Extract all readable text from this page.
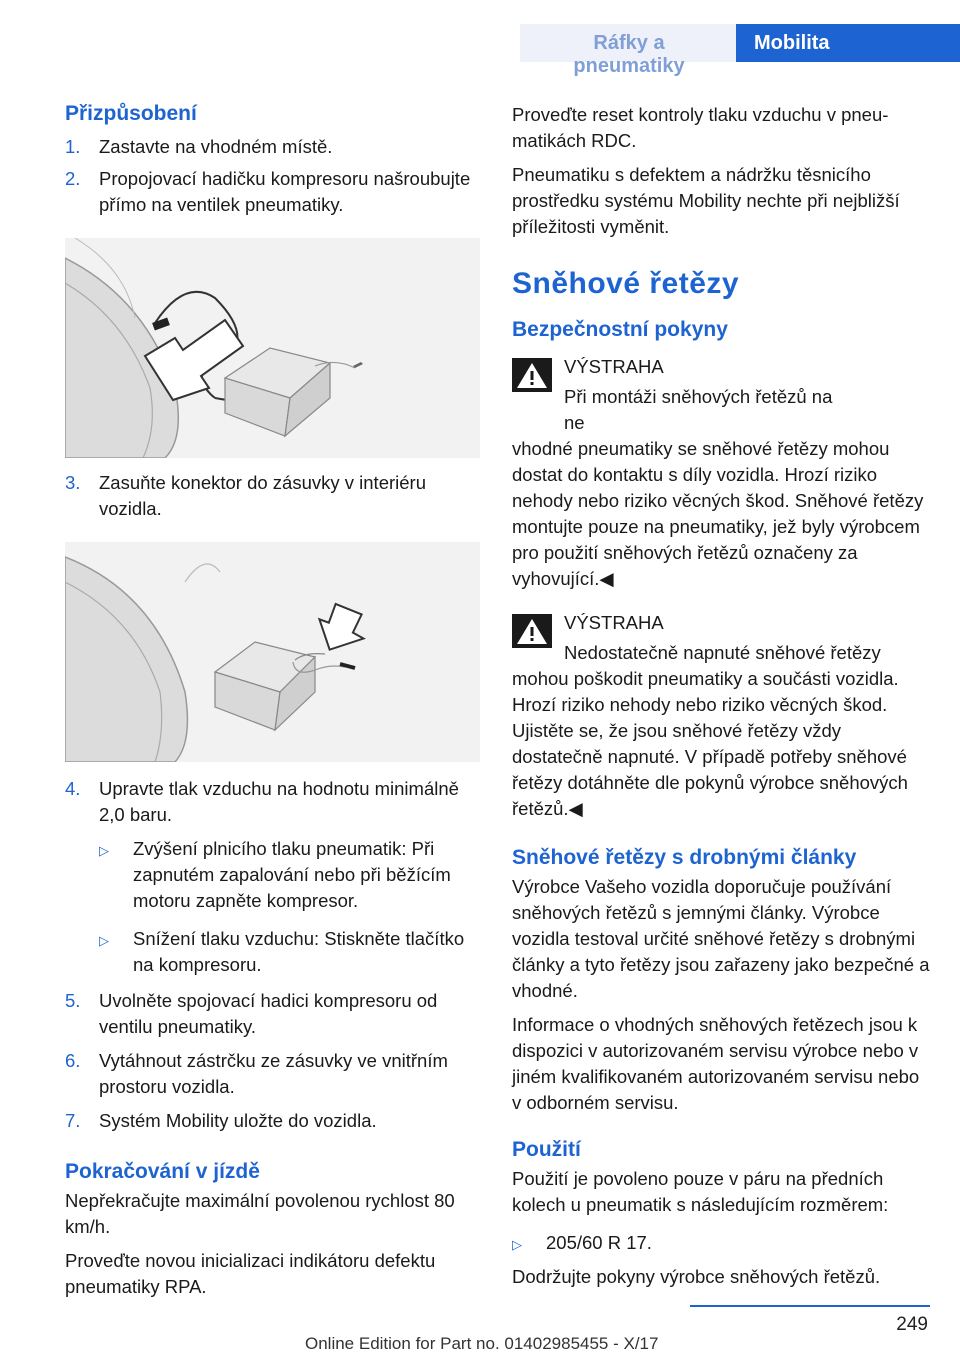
Ráfky a pneumatiky
Mobilita
Přizpůsobení
1.	Zastavte na vhodném místě.
2.	Propojovací hadičku kompresoru našroubujte přímo na ventilek pneumatiky.
3.	Zasuňte konektor do zásuvky v interiéru vozidla.
4.	Upravte tlak vzduchu na hodnotu minimálně 2,0 baru.
▷	Zvýšení plnicího tlaku pneumatik: Při zapnutém zapalování nebo při běžícím motoru zapněte kompresor.
▷	Snížení tlaku vzduchu: Stiskněte tlačítko na kompresoru.
5.	Uvolněte spojovací hadici kompresoru od ventilu pneumatiky.
6.	Vytáhnout zástrčku ze zásuvky ve vnitřním prostoru vozidla.
7.	Systém Mobility uložte do vozidla.
Pokračování v jízdě

Nepřekračujte maximální povolenou rychlost 80 km/h.

Proveďte novou inicializaci indikátoru defektu pneumatiky RPA.

Proveďte reset kontroly tlaku vzduchu v pneumatikách RDC.

Pneumatiku s defektem a nádržku těsnicího prostředku systému Mobility nechte při nejbližší příležitosti vyměnit.

Sněhové řetězy
Bezpečnostní pokyny
VÝSTRAHA
Při montáži sněhových řetězů na ne
vhodné pneumatiky se sněhové řetězy mohou dostat do kontaktu s díly vozidla. Hrozí riziko nehody nebo riziko věcných škod. Sněhové řetězy montujte pouze na pneumatiky, jež byly výrobcem pro použití sněhových řetězů označeny za vyhovující.◀
VÝSTRAHA
Nedostatečně napnuté sněhové řetězy
mohou poškodit pneumatiky a součásti vozidla. Hrozí riziko nehody nebo riziko věcných škod. Ujistěte se, že jsou sněhové řetězy vždy dostatečně napnuté. V případě potřeby sněhové řetězy dotáhněte dle pokynů výrobce sněhových řetězů.◀
Sněhové řetězy s drobnými články

Výrobce Vašeho vozidla doporučuje používání sněhových řetězů s jemnými články. Výrobce vozidla testoval určité sněhové řetězy s drobnými články a tyto řetězy jsou zařazeny jako bezpečné a vhodné.

Informace o vhodných sněhových řetězech jsou k dispozici v autorizovaném servisu výrobce nebo v jiném kvalifikovaném autorizovaném servisu nebo v odborném servisu.

Použití

Použití je povoleno pouze v páru na předních kolech u pneumatik s následujícím rozměrem:

▷	205/60 R 17.

Dodržujte pokyny výrobce sněhových řetězů.

249
Online Edition for Part no. 01402985455 - X/17
